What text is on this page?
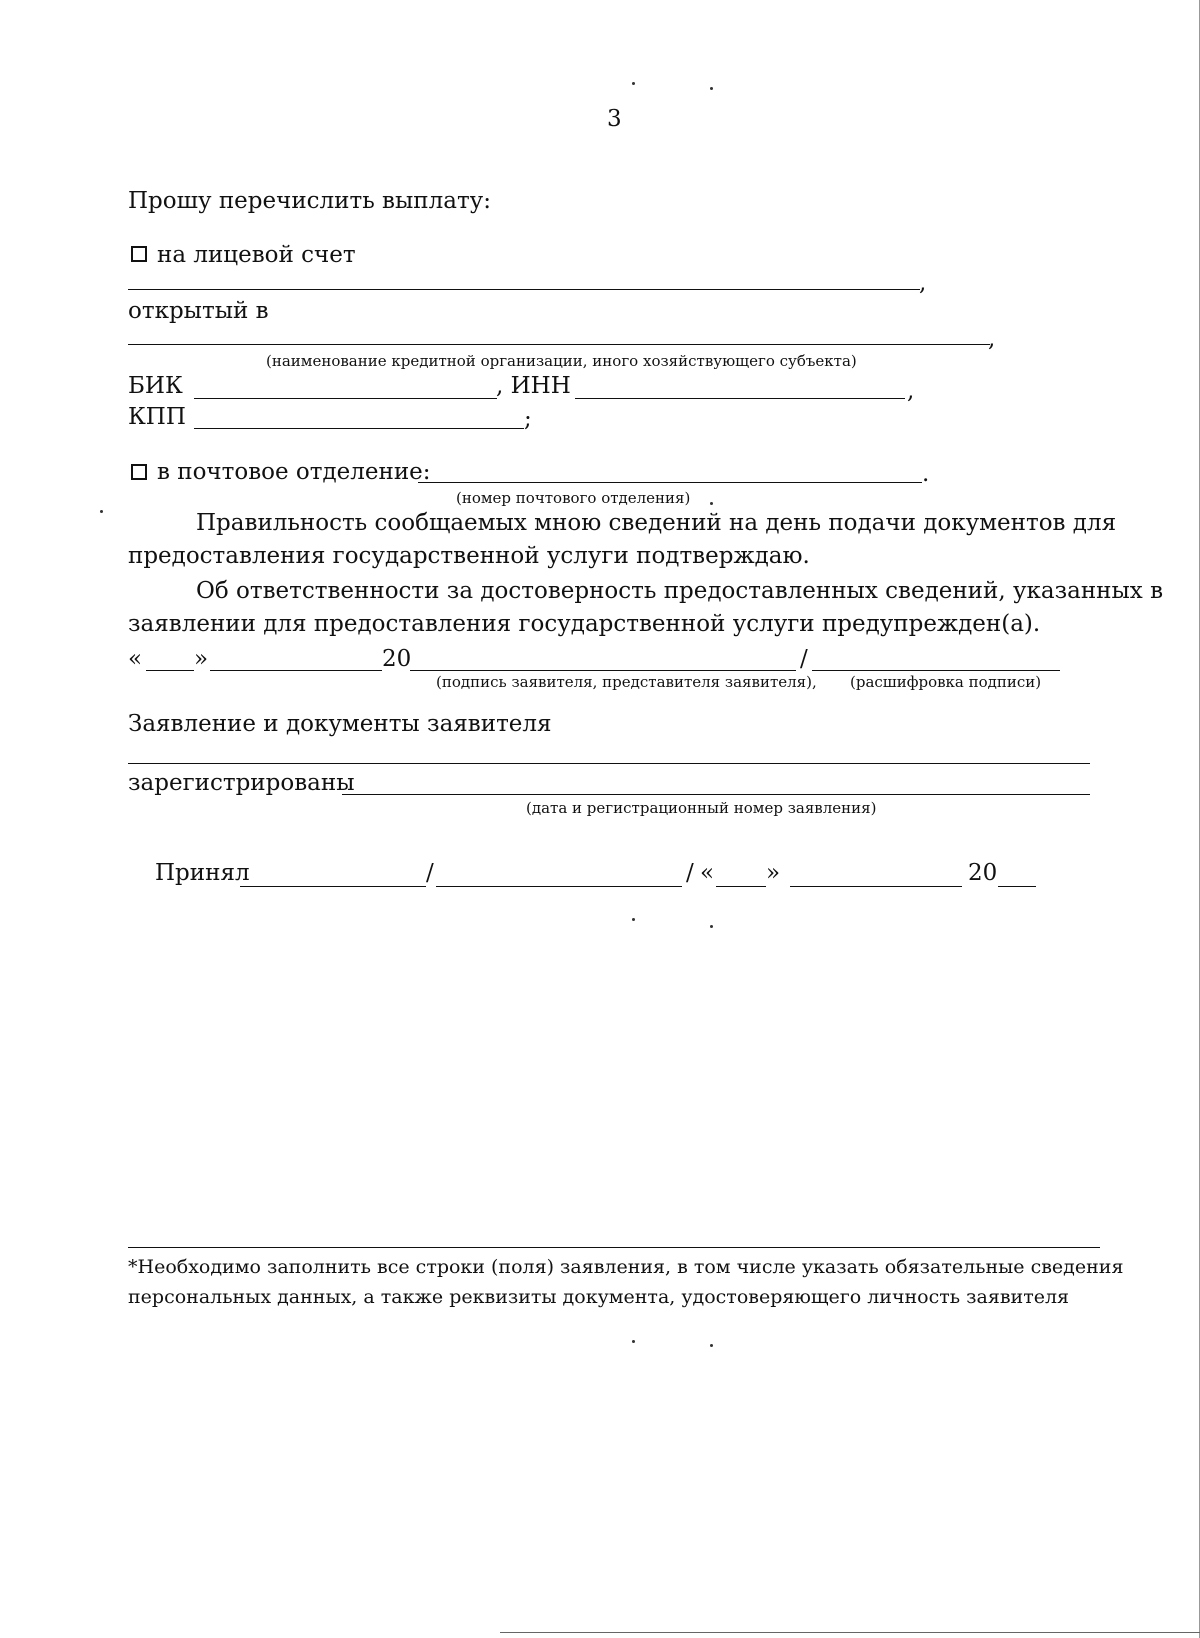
3
Прошу перечислить выплату:
на лицевой счет
,
открытый в
,
(наименование кредитной организации, иного хозяйствующего субъекта)
БИК	, ИНН	,
КПП	;
в почтовое отделение:	.
(номер почтового отделения)
Правильность сообщаемых мною сведений на день подачи документов для
предоставления государственной услуги подтверждаю.
Об ответственности за достоверность предоставленных сведений, указанных в
заявлении для предоставления государственной услуги предупрежден(а).
« »	20	/
(подпись заявителя, представителя заявителя), (расшифровка подписи)
Заявление и документы заявителя
зарегистрированы
(дата и регистрационный номер заявления)
Принял	/	/ « »	20
*Необходимо заполнить все строки (поля) заявления, в том числе указать обязательные сведения
персональных данных, а также реквизиты документа, удостоверяющего личность заявителя
